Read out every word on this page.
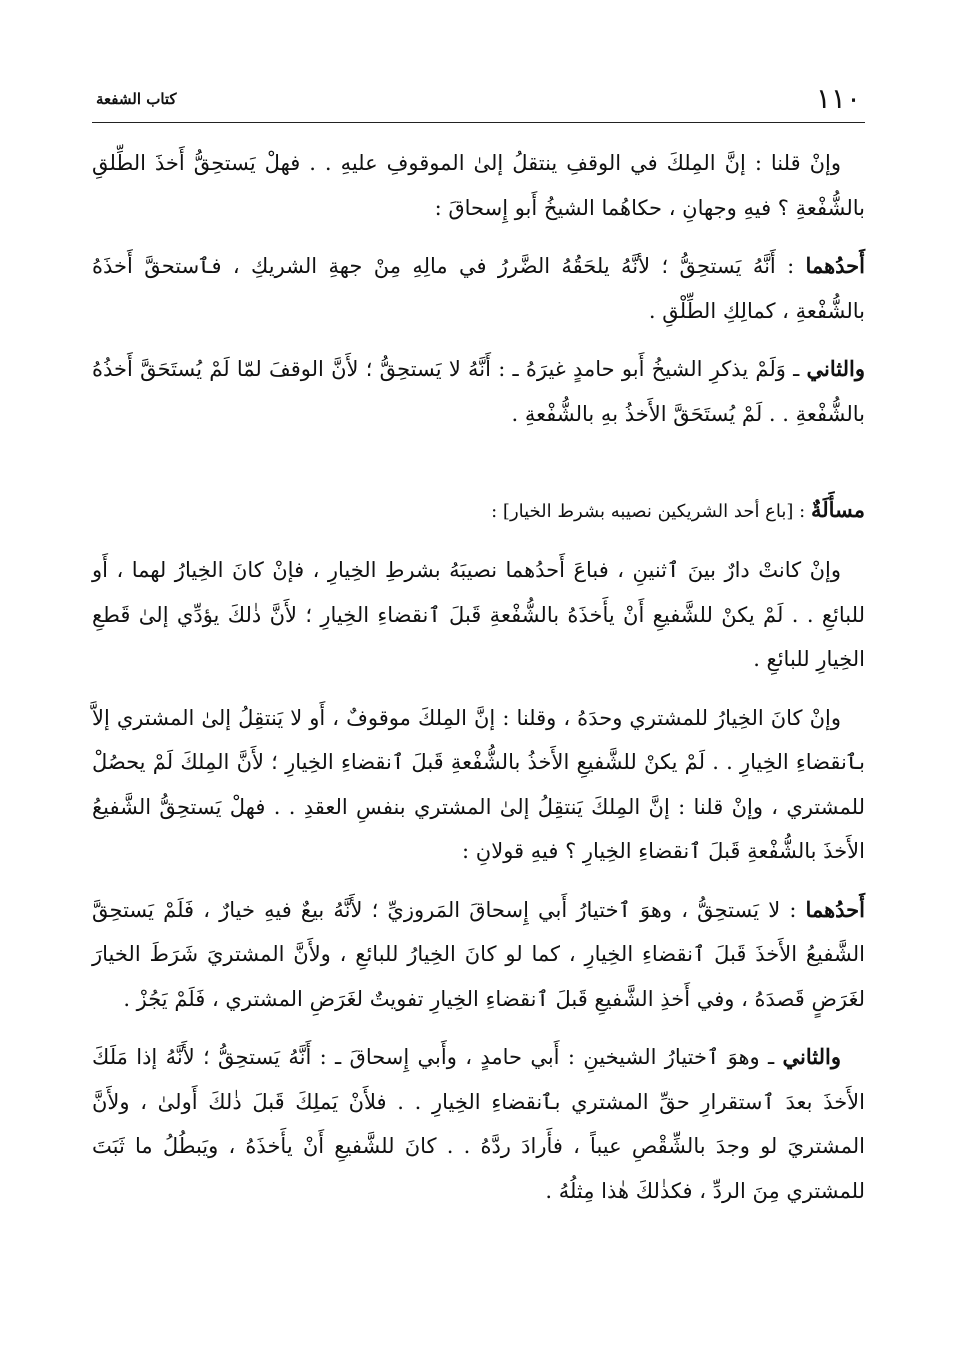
١١٠
كتاب الشفعة

وإنْ قلنا : إنَّ المِلكَ في الوقفِ ينتقلُ إلىٰ الموقوفِ عليهِ . . فهلْ يَستحِقُّ أَخذَ الطِّلقِ بالشُّفْعةِ ؟ فيهِ وجهانِ ، حكاهُما الشيخُ أَبو إِسحاقَ :

أَحدُهما : أَنَّهُ يَستحِقُّ ؛ لأنَّهُ يلحَقُهُ الضَّررُ في مالِهِ مِنْ جهةِ الشريكِ ، فٱستحقَّ أَخذَهُ بالشُّفْعةِ ، كمالِكِ الطِّلْقِ .

والثاني ـ وَلَمْ يذكرِ الشيخُ أَبو حامدٍ غيرَهُ ـ : أَنَّهُ لا يَستحِقُّ ؛ لأَنَّ الوقفَ لمّا لَمْ يُستَحَقَّ أَخذُهُ بالشُّفْعةِ . . لَمْ يُستَحَقَّ الأَخذُ بهِ بالشُّفْعةِ .

مسأَلَةٌ : [باع أحد الشريكين نصيبه بشرط الخيار] :

وإنْ كانتْ دارٌ بينَ ٱثنينِ ، فباعَ أَحدُهما نصيبَهُ بشرطِ الخِيارِ ، فإنْ كانَ الخِيارُ لهما ، أَو للبائعِ . . لَمْ يكنْ للشَّفيعِ أَنْ يأَخذَهُ بالشُّفْعةِ قَبلَ ٱنقضاءِ الخِيارِ ؛ لأَنَّ ذٰلكَ يؤدِّي إلىٰ قَطعِ الخِيارِ للبائعِ .

وإنْ كانَ الخِيارُ للمشتري وحدَهُ ، وقلنا : إنَّ المِلكَ موقوفٌ ، أَو لا يَنتقِلُ إلىٰ المشتري إلاَّ بٱنقضاءِ الخِيارِ . . لَمْ يكنْ للشَّفيعِ الأَخذُ بالشُّفْعةِ قَبلَ ٱنقضاءِ الخِيارِ ؛ لأَنَّ المِلكَ لَمْ يحصُلْ للمشتري ، وإنْ قلنا : إنَّ المِلكَ يَنتقِلُ إلىٰ المشتري بنفسِ العقدِ . . فهلْ يَستحِقُّ الشَّفيعُ الأَخذَ بالشُّفْعةِ قَبلَ ٱنقضاءِ الخِيارِ ؟ فيهِ قولانِ :

أَحدُهما : لا يَستحِقُّ ، وهوَ ٱختيارُ أَبي إِسحاقَ المَروزيِّ ؛ لأَنَّهُ بيعٌ فيهِ خيارٌ ، فَلَمْ يَستحِقَّ الشَّفيعُ الأَخذَ قَبلَ ٱنقضاءِ الخِيارِ ، كما لو كانَ الخِيارُ للبائعِ ، ولأَنَّ المشتريَ شَرَطَ الخيارَ لغَرَضٍ قَصدَهُ ، وفي أَخذِ الشَّفيعِ قَبلَ ٱنقضاءِ الخِيارِ تفويتٌ لغَرَضِ المشتري ، فَلَمْ يَجُزْ .

والثاني ـ وهوَ ٱختيارُ الشيخينِ : أَبي حامدٍ ، وأَبي إِسحاقَ ـ : أَنَّهُ يَستحِقُّ ؛ لأَنَّهُ إذا مَلَكَ الأَخذَ بعدَ ٱستقرارِ حقِّ المشتري بٱنقضاءِ الخِيارِ . . فلأَنْ يَملِكَ قَبلَ ذٰلكَ أَولىٰ ، ولأَنَّ المشتريَ لو وجدَ بالشِّقْصِ عيباً ، فأَرادَ ردَّهُ . . كانَ للشَّفيعِ أَنْ يأَخذَهُ ، ويَبطُلُ ما ثَبَتَ للمشتري مِنَ الردِّ ، فكذٰلكَ هٰذا مِثلُهُ .
